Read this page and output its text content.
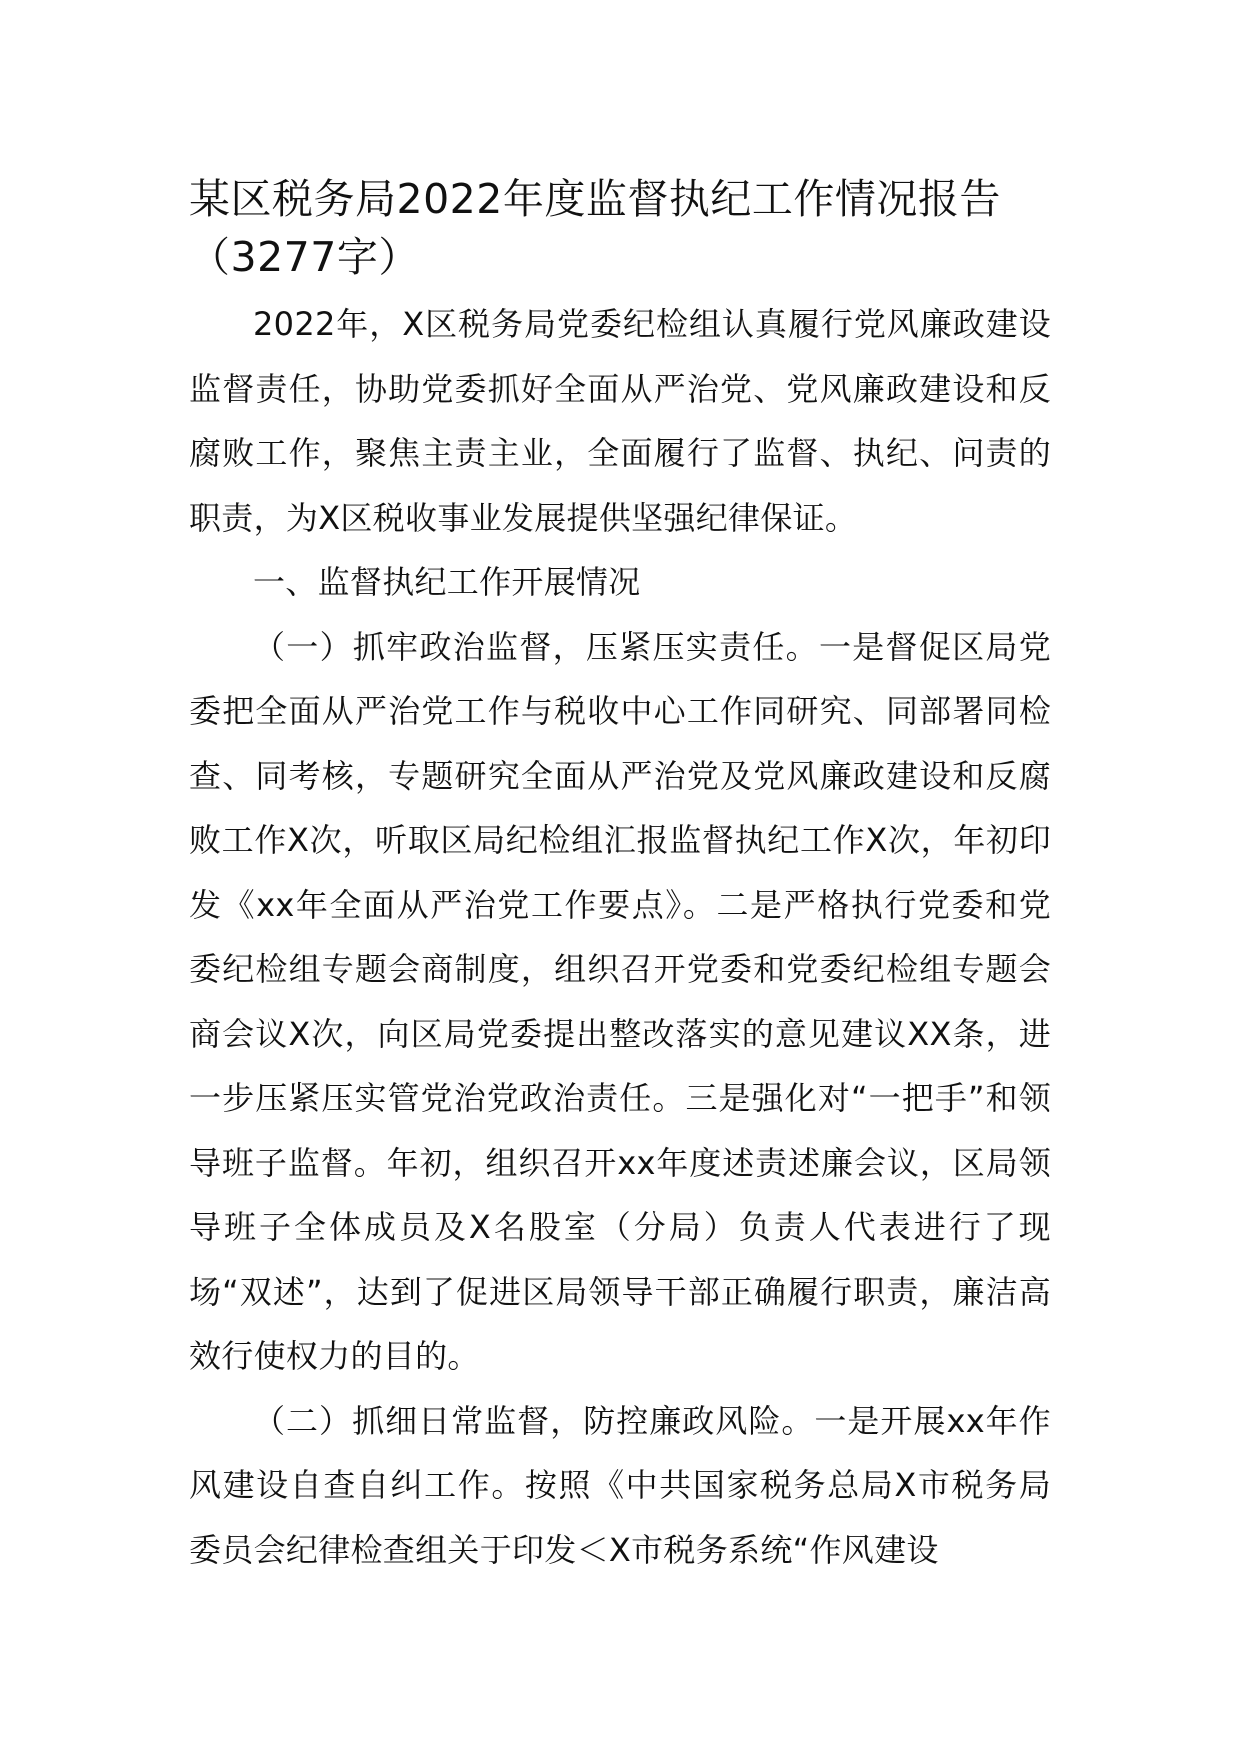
某区税务局2022年度监督执纪工作情况报告（3277字）

2022年，X区税务局党委纪检组认真履行党风廉政建设监督责任，协助党委抓好全面从严治党、党风廉政建设和反腐败工作，聚焦主责主业，全面履行了监督、执纪、问责的职责，为X区税收事业发展提供坚强纪律保证。

一、监督执纪工作开展情况

（一）抓牢政治监督，压紧压实责任。一是督促区局党委把全面从严治党工作与税收中心工作同研究、同部署同检查、同考核，专题研究全面从严治党及党风廉政建设和反腐败工作X次，听取区局纪检组汇报监督执纪工作X次，年初印发《xx年全面从严治党工作要点》。二是严格执行党委和党委纪检组专题会商制度，组织召开党委和党委纪检组专题会商会议X次，向区局党委提出整改落实的意见建议XX条，进一步压紧压实管党治党政治责任。三是强化对“一把手”和领导班子监督。年初，组织召开xx年度述责述廉会议，区局领导班子全体成员及X名股室（分局）负责人代表进行了现场“双述”，达到了促进区局领导干部正确履行职责，廉洁高效行使权力的目的。

（二）抓细日常监督，防控廉政风险。一是开展xx年作风建设自查自纠工作。按照《中共国家税务总局X市税务局委员会纪律检查组关于印发＜X市税务系统“作风建设
